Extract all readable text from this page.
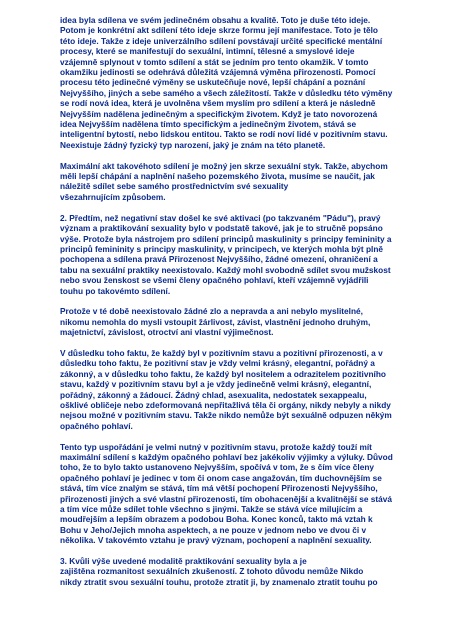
idea byla sdílena ve svém jedinečném obsahu a kvalitě. Toto je duše této ideje.
Potom je konkrétní akt sdílení této ideje skrze formu její manifestace. Toto je tělo
této ideje. Takže z ideje univerzálního sdílení povstávají určité specifické mentální
procesy, které se manifestují do sexuální, intimní, tělesné a smyslové ideje
vzájemně splynout v tomto sdílení a stát se jedním pro tento okamžik. V tomto
okamžiku jedinosti se odehrává důležitá vzájemná výměna přirozenosti. Pomocí
procesu této jedinečné výměny se uskutečňuje nové, lepší chápání a poznání
Nejvyššího, jiných a sebe samého a všech záležitostí. Takže v důsledku této výměny
se rodí nová idea, která je uvolněna všem myslím pro sdílení a která je následně
Nejvyšším nadělena jedinečným a specifickým životem. Když je tato novorozená
idea Nejvyšším nadělena tímto specifickým a jedinečným životem, stává se
inteligentní bytostí, nebo lidskou entitou. Takto se rodí noví lidé v pozitivním stavu.
Neexistuje žádný fyzický typ narození, jaký je znám na této planetě.

Maximální akt takovéhoto sdílení je možný jen skrze sexuální styk. Takže, abychom
měli lepší chápání a naplnění našeho pozemského života, musíme se naučit, jak
náležitě sdílet sebe samého prostřednictvím své sexuality
všezahrnujícím způsobem.

2. Předtím, než negativní stav došel ke své aktivaci (po takzvaném "Pádu"), pravý
význam a praktikování sexuality bylo v podstatě takové, jak je to stručně popsáno
výše. Protože byla nástrojem pro sdílení principů maskulinity s principy femininity a
principů femininity s principy maskulinity, v principech, ve kterých mohla být plně
pochopena a sdílena pravá Přirozenost Nejvyššího, žádné omezení, ohraničení a
tabu na sexuální praktiky neexistovalo. Každý mohl svobodně sdílet svou mužskost
nebo svou ženskost se všemi členy opačného pohlaví, kteří vzájemně vyjádřili
touhu po takovémto sdílení.

Protože v té době neexistovalo žádné zlo a nepravda a ani nebylo myslitelné,
nikomu nemohla do mysli vstoupit žárlivost, závist, vlastnění jednoho druhým,
majetnictví, závislost, otroctví ani vlastní výjimečnost.

V důsledku toho faktu, že každý byl v pozitivním stavu a pozitivní přirozenosti, a v
důsledku toho faktu, že pozitivní stav je vždy velmi krásný, elegantní, pořádný a
zákonný, a v důsledku toho faktu, že každý byl nositelem a odrazitelem pozitivního
stavu, každý v pozitivním stavu byl a je vždy jedinečně velmi krásný, elegantní,
pořádný, zákonný a žádoucí. Žádný chlad, asexualita, nedostatek sexappealu,
ošklivé obličeje nebo zdeformovaná nepřitažlivá těla či orgány, nikdy nebyly a nikdy
nejsou možné v pozitivním stavu. Takže nikdo nemůže být sexuálně odpuzen někým
opačného pohlaví.

Tento typ uspořádání je velmi nutný v pozitivním stavu, protože každý touží mít
maximální sdílení s každým opačného pohlaví bez jakékoliv výjimky a výluky. Důvod
toho, že to bylo takto ustanoveno Nejvyšším, spočívá v tom, že s čím více členy
opačného pohlaví je jedinec v tom či onom case angažován, tím duchovnějším se
stává, tím více znalým se stává, tím má větší pochopení Přirozenosti Nejvyššího,
přirozenosti jiných a své vlastní přirozenosti, tím obohacenější a kvalitnější se stává
a tím více může sdílet tohle všechno s jinými. Takže se stává více milujícím a
moudřejším a lepším obrazem a podobou Boha. Konec konců, takto má vztah k
Bohu v Jeho/Jejich mnoha aspektech, a ne pouze v jednom nebo ve dvou či v
několika. V takovémto vztahu je pravý význam, pochopení a naplnění sexuality.

3. Kvůli výše uvedené modalitě praktikování sexuality byla a je
zajištěna rozmanitost sexuálních zkušeností. Z tohoto důvodu nemůže Nikdo
nikdy ztratit svou sexuální touhu, protože ztratit ji, by znamenalo ztratit touhu po
